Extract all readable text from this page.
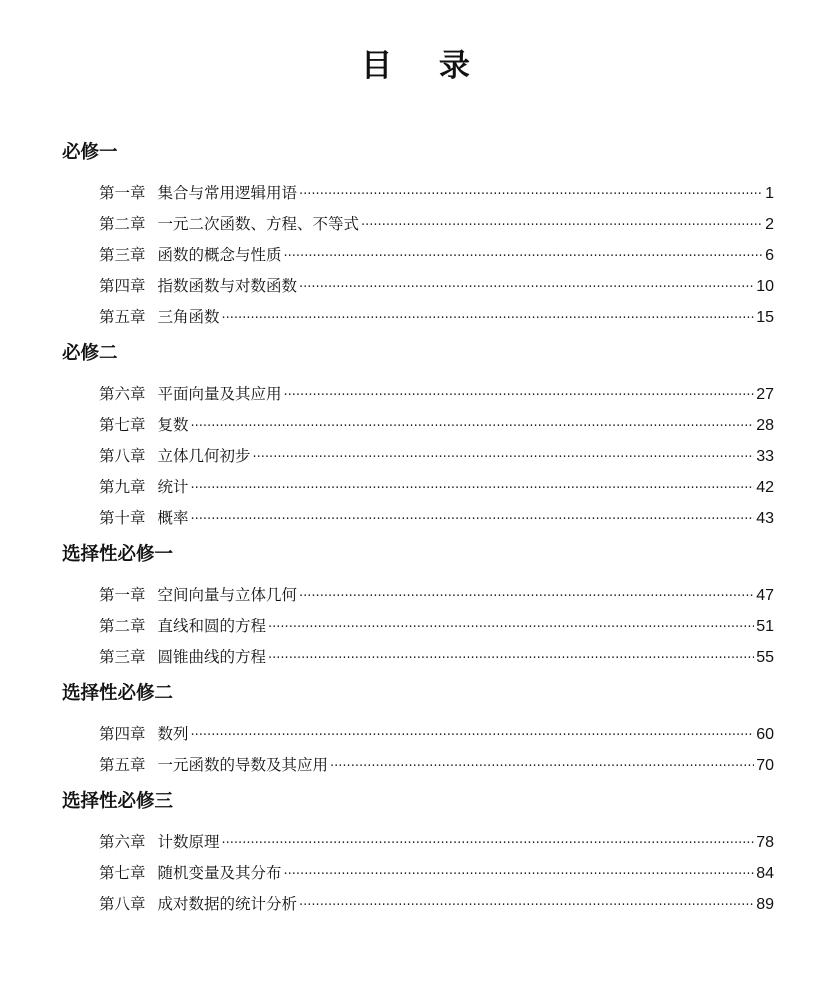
目 录
必修一
第一章 集合与常用逻辑用语 ·····	1
第二章 一元二次函数、方程、不等式 ·····	2
第三章 函数的概念与性质 ·····	6
第四章 指数函数与对数函数 ·····	10
第五章 三角函数 ·····	15
必修二
第六章 平面向量及其应用 ·····	27
第七章 复数 ·····	28
第八章 立体几何初步 ·····	33
第九章 统计 ·····	42
第十章 概率 ·····	43
选择性必修一
第一章 空间向量与立体几何 ·····	47
第二章 直线和圆的方程 ·····	51
第三章 圆锥曲线的方程 ·····	55
选择性必修二
第四章 数列 ·····	60
第五章 一元函数的导数及其应用 ·····	70
选择性必修三
第六章 计数原理 ·····	78
第七章 随机变量及其分布 ·····	84
第八章 成对数据的统计分析 ·····	89
